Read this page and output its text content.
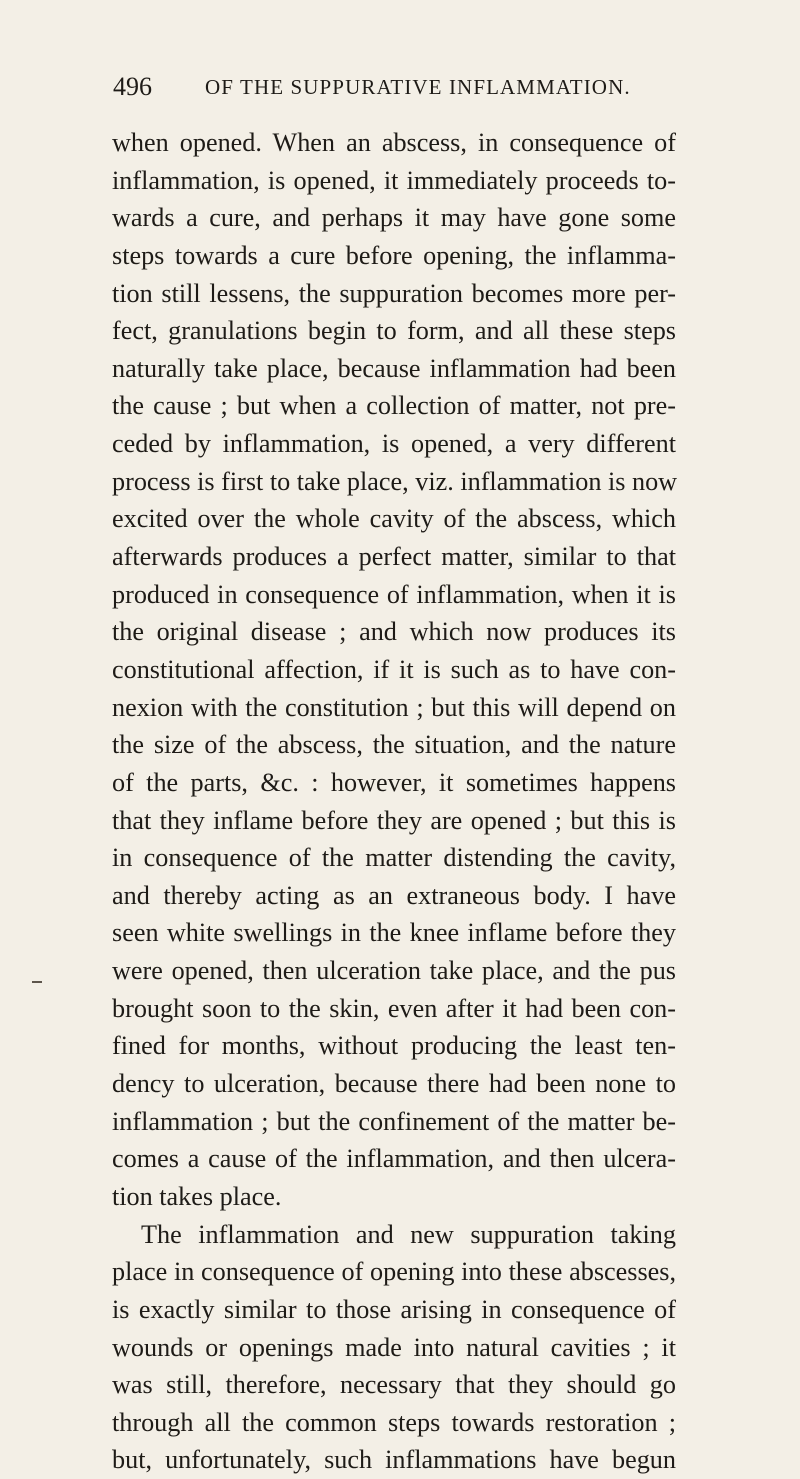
496	OF THE SUPPURATIVE INFLAMMATION.
when opened. When an abscess, in consequence of
inflammation, is opened, it immediately proceeds to-
wards a cure, and perhaps it may have gone some
steps towards a cure before opening, the inflamma-
tion still lessens, the suppuration becomes more per-
fect, granulations begin to form, and all these steps
naturally take place, because inflammation had been
the cause ; but when a collection of matter, not pre-
ceded by inflammation, is opened, a very different
process is first to take place, viz. inflammation is now
excited over the whole cavity of the abscess, which
afterwards produces a perfect matter, similar to that
produced in consequence of inflammation, when it is
the original disease ; and which now produces its
constitutional affection, if it is such as to have con-
nexion with the constitution ; but this will depend on
the size of the abscess, the situation, and the nature
of the parts, &c. : however, it sometimes happens
that they inflame before they are opened ; but this is
in consequence of the matter distending the cavity,
and thereby acting as an extraneous body. I have
seen white swellings in the knee inflame before they
were opened, then ulceration take place, and the pus
brought soon to the skin, even after it had been con-
fined for months, without producing the least ten-
dency to ulceration, because there had been none to
inflammation ; but the confinement of the matter be-
comes a cause of the inflammation, and then ulcera-
tion takes place.
The inflammation and new suppuration taking
place in consequence of opening into these abscesses,
is exactly similar to those arising in consequence of
wounds or openings made into natural cavities ; it
was still, therefore, necessary that they should go
through all the common steps towards restoration ;
but, unfortunately, such inflammations have begun
